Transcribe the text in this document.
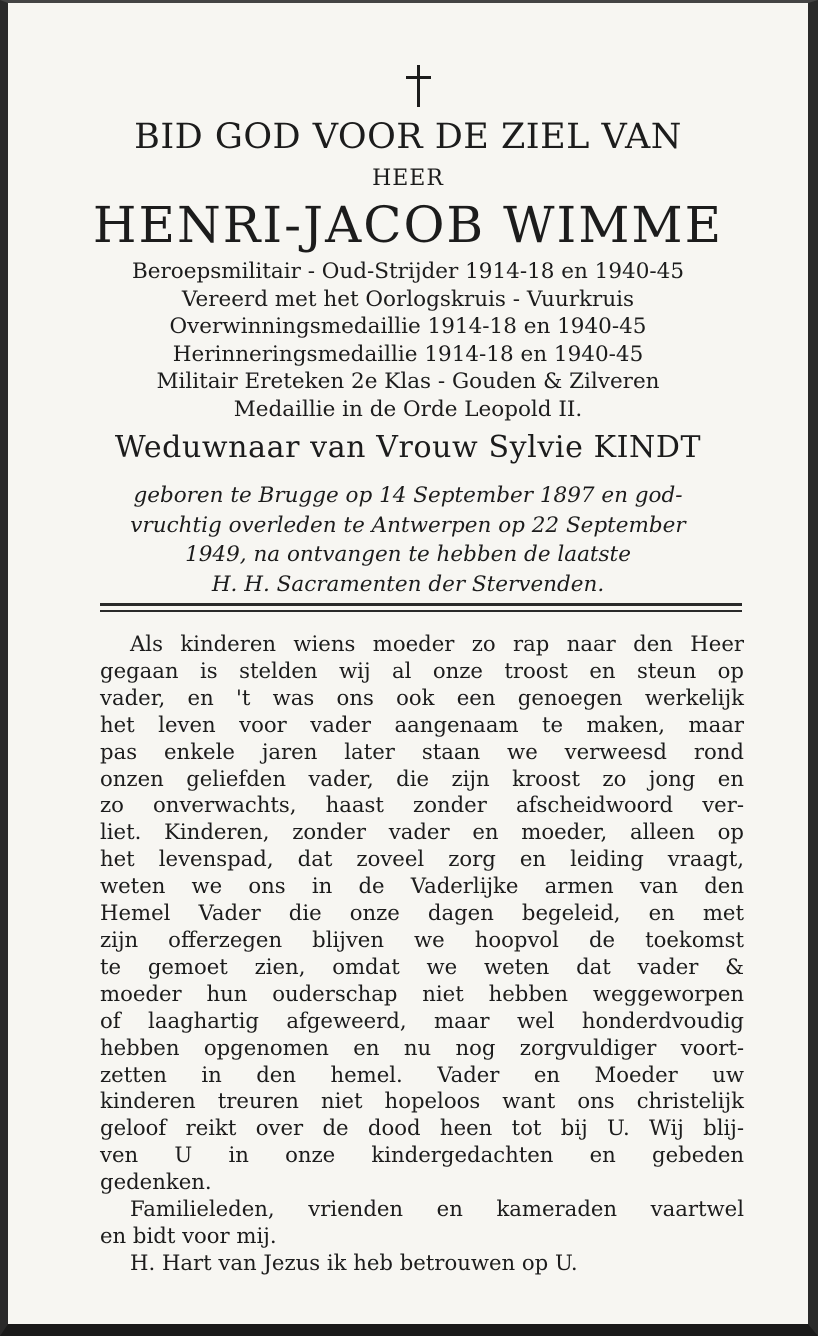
BID GOD VOOR DE ZIEL VAN
HEER
HENRI-JACOB WIMME
Beroepsmilitair - Oud-Strijder 1914-18 en 1940-45
Vereerd met het Oorlogskruis - Vuurkruis
Overwinningsmedaillie 1914-18 en 1940-45
Herinneringsmedaillie 1914-18 en 1940-45
Militair Ereteken 2e Klas - Gouden & Zilveren
Medaillie in de Orde Leopold II.
Weduwnaar van Vrouw Sylvie KINDT
geboren te Brugge op 14 September 1897 en god-
vruchtig overleden te Antwerpen op 22 September
1949, na ontvangen te hebben de laatste
H. H. Sacramenten der Stervenden.
Als kinderen wiens moeder zo rap naar den Heer
gegaan is stelden wij al onze troost en steun op
vader, en 't was ons ook een genoegen werkelijk
het leven voor vader aangenaam te maken, maar
pas enkele jaren later staan we verweesd rond
onzen geliefden vader, die zijn kroost zo jong en
zo onverwachts, haast zonder afscheidwoord ver-
liet. Kinderen, zonder vader en moeder, alleen op
het levenspad, dat zoveel zorg en leiding vraagt,
weten we ons in de Vaderlijke armen van den
Hemel Vader die onze dagen begeleid, en met
zijn offerzegen blijven we hoopvol de toekomst
te gemoet zien, omdat we weten dat vader &
moeder hun ouderschap niet hebben weggeworpen
of laaghartig afgeweerd, maar wel honderdvoudig
hebben opgenomen en nu nog zorgvuldiger voort-
zetten in den hemel. Vader en Moeder uw
kinderen treuren niet hopeloos want ons christelijk
geloof reikt over de dood heen tot bij U. Wij blij-
ven U in onze kindergedachten en gebeden
gedenken.
Familieleden, vrienden en kameraden vaartwel
en bidt voor mij.
H. Hart van Jezus ik heb betrouwen op U.
